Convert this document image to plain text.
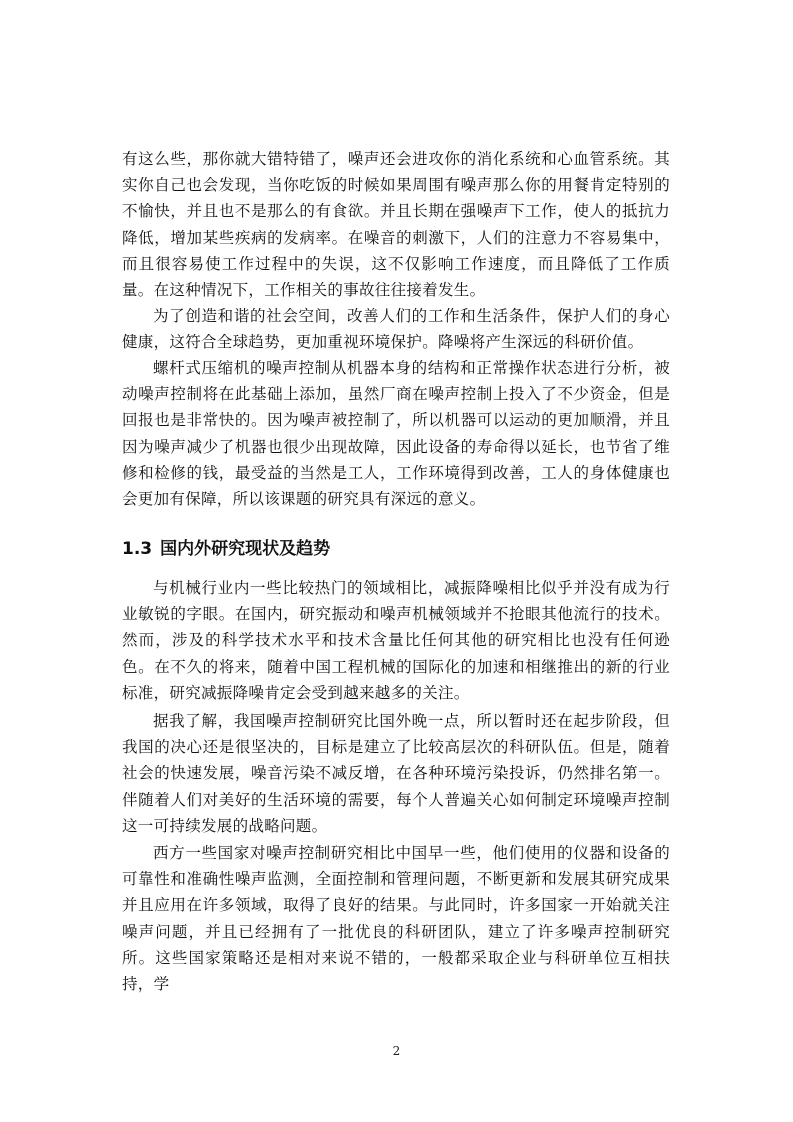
有这么些，那你就大错特错了，噪声还会进攻你的消化系统和心血管系统。其实你自己也会发现，当你吃饭的时候如果周围有噪声那么你的用餐肯定特别的不愉快，并且也不是那么的有食欲。并且长期在强噪声下工作，使人的抵抗力降低，增加某些疾病的发病率。在噪音的刺激下，人们的注意力不容易集中，而且很容易使工作过程中的失误，这不仅影响工作速度，而且降低了工作质量。在这种情况下，工作相关的事故往往接着发生。

为了创造和谐的社会空间，改善人们的工作和生活条件，保护人们的身心健康，这符合全球趋势，更加重视环境保护。降噪将产生深远的科研价值。

螺杆式压缩机的噪声控制从机器本身的结构和正常操作状态进行分析，被动噪声控制将在此基础上添加，虽然厂商在噪声控制上投入了不少资金，但是回报也是非常快的。因为噪声被控制了，所以机器可以运动的更加顺滑，并且因为噪声减少了机器也很少出现故障，因此设备的寿命得以延长，也节省了维修和检修的钱，最受益的当然是工人，工作环境得到改善，工人的身体健康也会更加有保障，所以该课题的研究具有深远的意义。

1.3 国内外研究现状及趋势

与机械行业内一些比较热门的领域相比，减振降噪相比似乎并没有成为行业敏锐的字眼。在国内，研究振动和噪声机械领域并不抢眼其他流行的技术。然而，涉及的科学技术水平和技术含量比任何其他的研究相比也没有任何逊色。在不久的将来，随着中国工程机械的国际化的加速和相继推出的新的行业标准，研究减振降噪肯定会受到越来越多的关注。

据我了解，我国噪声控制研究比国外晚一点，所以暂时还在起步阶段，但我国的决心还是很坚决的，目标是建立了比较高层次的科研队伍。但是，随着社会的快速发展，噪音污染不减反增，在各种环境污染投诉，仍然排名第一。伴随着人们对美好的生活环境的需要，每个人普遍关心如何制定环境噪声控制这一可持续发展的战略问题。

西方一些国家对噪声控制研究相比中国早一些，他们使用的仪器和设备的可靠性和准确性噪声监测，全面控制和管理问题，不断更新和发展其研究成果并且应用在许多领域，取得了良好的结果。与此同时，许多国家一开始就关注噪声问题，并且已经拥有了一批优良的科研团队，建立了许多噪声控制研究所。这些国家策略还是相对来说不错的，一般都采取企业与科研单位互相扶持，学

2
